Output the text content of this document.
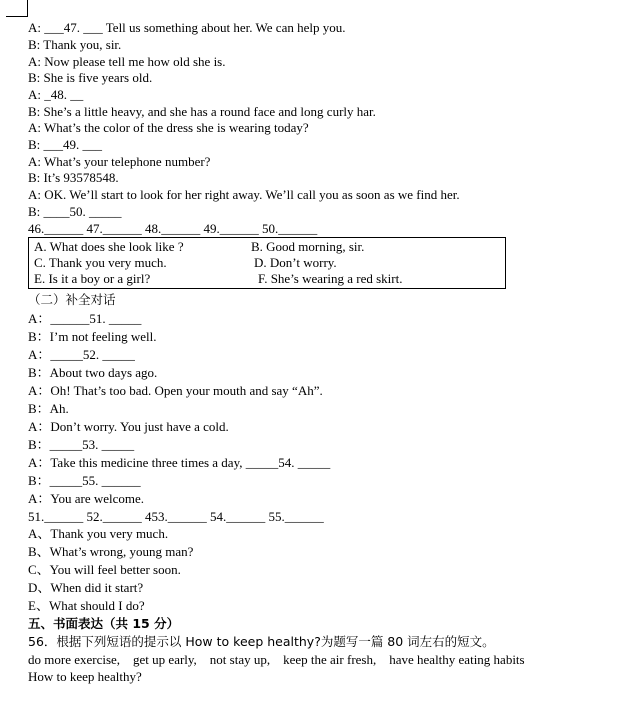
A: ___47. ___ Tell us something about her. We can help you.
B: Thank you, sir.
A: Now please tell me how old she is.
B: She is five years old.
A: _48. __
B: She’s a little heavy, and she has a round face and long curly har.
A: What’s the color of the dress she is wearing today?
B: ___49. ___
A: What’s your telephone number?
B: It’s 93578548.
A: OK. We’ll start to look for her right away. We’ll call you as soon as we find her.
B: ____50. _____
46.______ 47.______ 48.______ 49.______ 50.______
A. What does she look like ?	B. Good morning, sir.
C. Thank you very much.	D. Don’t worry.
E. Is it a boy or a girl?	F. She’s wearing a red skirt.
（二）补全对话
A：______51. _____
B：I’m not feeling well.
A：_____52. _____
B：About two days ago.
A：Oh! That’s too bad. Open your mouth and say “Ah”.
B：Ah.
A：Don’t worry. You just have a cold.
B：_____53. _____
A：Take this medicine three times a day, _____54. _____
B：_____55. ______
A：You are welcome.
51.______ 52.______ 453.______ 54.______ 55.______
A、Thank you very much.
B、What’s wrong, young man?
C、You will feel better soon.
D、When did it start?
E、What should I do?
五、书面表达（共 15 分）
56．根据下列短语的提示以 How to keep healthy?为题写一篇 80 词左右的短文。
do more exercise,    get up early,    not stay up,    keep the air fresh,    have healthy eating habits
How to keep healthy?
